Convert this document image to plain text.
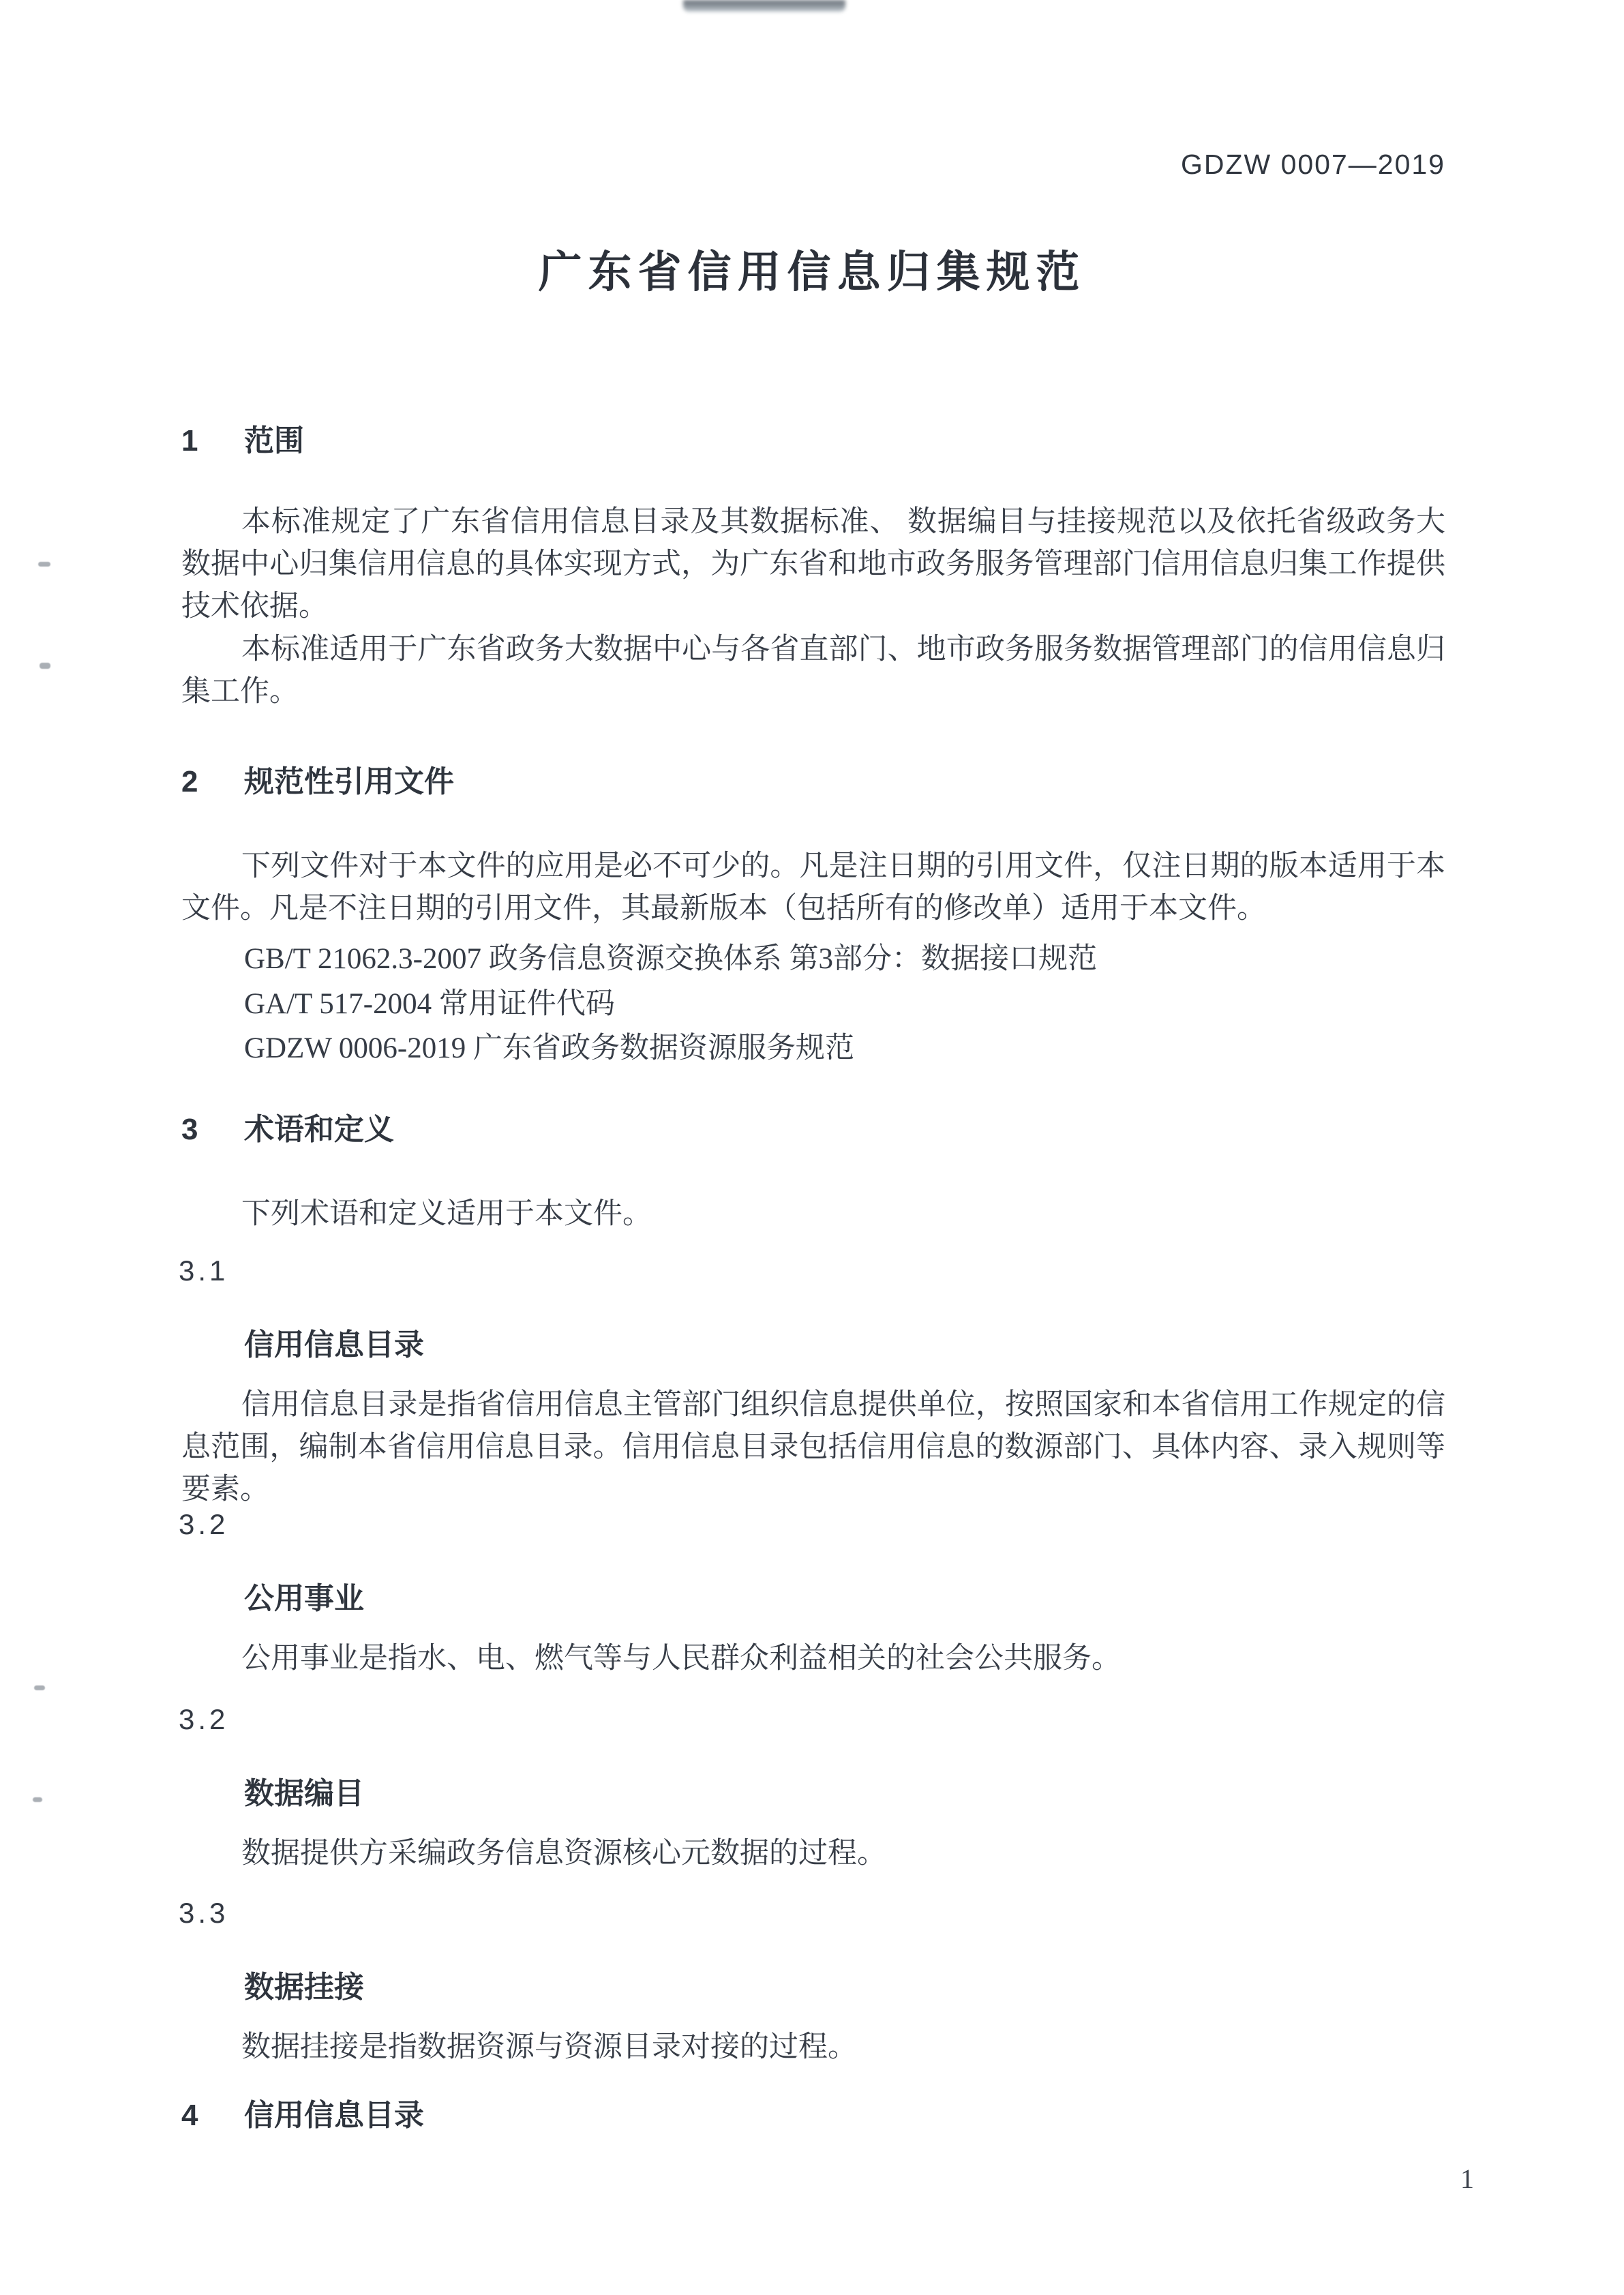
GDZW 0007—2019
广东省信用信息归集规范
1 范围
本标准规定了广东省信用信息目录及其数据标准、 数据编目与挂接规范以及依托省级政务大数据中心归集信用信息的具体实现方式，为广东省和地市政务服务管理部门信用信息归集工作提供技术依据。
本标准适用于广东省政务大数据中心与各省直部门、地市政务服务数据管理部门的信用信息归集工作。
2 规范性引用文件
下列文件对于本文件的应用是必不可少的。凡是注日期的引用文件，仅注日期的版本适用于本文件。凡是不注日期的引用文件，其最新版本（包括所有的修改单）适用于本文件。
GB/T 21062.3-2007 政务信息资源交换体系 第3部分：数据接口规范
GA/T 517-2004 常用证件代码
GDZW 0006-2019 广东省政务数据资源服务规范
3 术语和定义
下列术语和定义适用于本文件。
3.1
信用信息目录
信用信息目录是指省信用信息主管部门组织信息提供单位，按照国家和本省信用工作规定的信息范围，编制本省信用信息目录。信用信息目录包括信用信息的数源部门、具体内容、录入规则等要素。
3.2
公用事业
公用事业是指水、电、燃气等与人民群众利益相关的社会公共服务。
3.2
数据编目
数据提供方采编政务信息资源核心元数据的过程。
3.3
数据挂接
数据挂接是指数据资源与资源目录对接的过程。
4 信用信息目录
1
